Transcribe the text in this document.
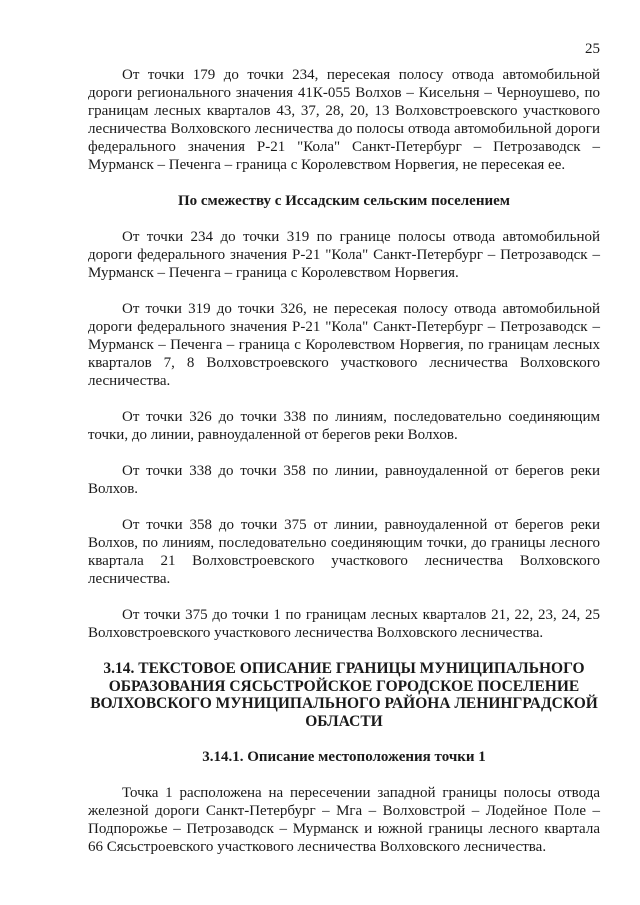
25

От точки 179 до точки 234, пересекая полосу отвода автомобильной дороги регионального значения 41К-055 Волхов – Кисельня – Черноушево, по границам лесных кварталов 43, 37, 28, 20, 13 Волховстроевского участкового лесничества Волховского лесничества до полосы отвода автомобильной дороги федерального значения Р-21 "Кола" Санкт-Петербург – Петрозаводск – Мурманск – Печенга – граница с Королевством Норвегия, не пересекая ее.

По смежеству с Иссадским сельским поселением

От точки 234 до точки 319 по границе полосы отвода автомобильной дороги федерального значения Р-21 "Кола" Санкт-Петербург – Петрозаводск – Мурманск – Печенга – граница с Королевством Норвегия.

От точки 319 до точки 326, не пересекая полосу отвода автомобильной дороги федерального значения Р-21 "Кола" Санкт-Петербург – Петрозаводск – Мурманск – Печенга – граница с Королевством Норвегия, по границам лесных кварталов 7, 8 Волховстроевского участкового лесничества Волховского лесничества.

От точки 326 до точки 338 по линиям, последовательно соединяющим точки, до линии, равноудаленной от берегов реки Волхов.

От точки 338 до точки 358 по линии, равноудаленной от берегов реки Волхов.

От точки 358 до точки 375 от линии, равноудаленной от берегов реки Волхов, по линиям, последовательно соединяющим точки, до границы лесного квартала 21 Волховстроевского участкового лесничества Волховского лесничества.

От точки 375 до точки 1 по границам лесных кварталов 21, 22, 23, 24, 25 Волховстроевского участкового лесничества Волховского лесничества.

3.14. ТЕКСТОВОЕ ОПИСАНИЕ ГРАНИЦЫ МУНИЦИПАЛЬНОГО ОБРАЗОВАНИЯ СЯСЬСТРОЙСКОЕ ГОРОДСКОЕ ПОСЕЛЕНИЕ ВОЛХОВСКОГО МУНИЦИПАЛЬНОГО РАЙОНА ЛЕНИНГРАДСКОЙ ОБЛАСТИ

3.14.1. Описание местоположения точки 1

Точка 1 расположена на пересечении западной границы полосы отвода железной дороги Санкт-Петербург – Мга – Волховстрой – Лодейное Поле – Подпорожье – Петрозаводск – Мурманск и южной границы лесного квартала 66 Сясьстроевского участкового лесничества Волховского лесничества.
